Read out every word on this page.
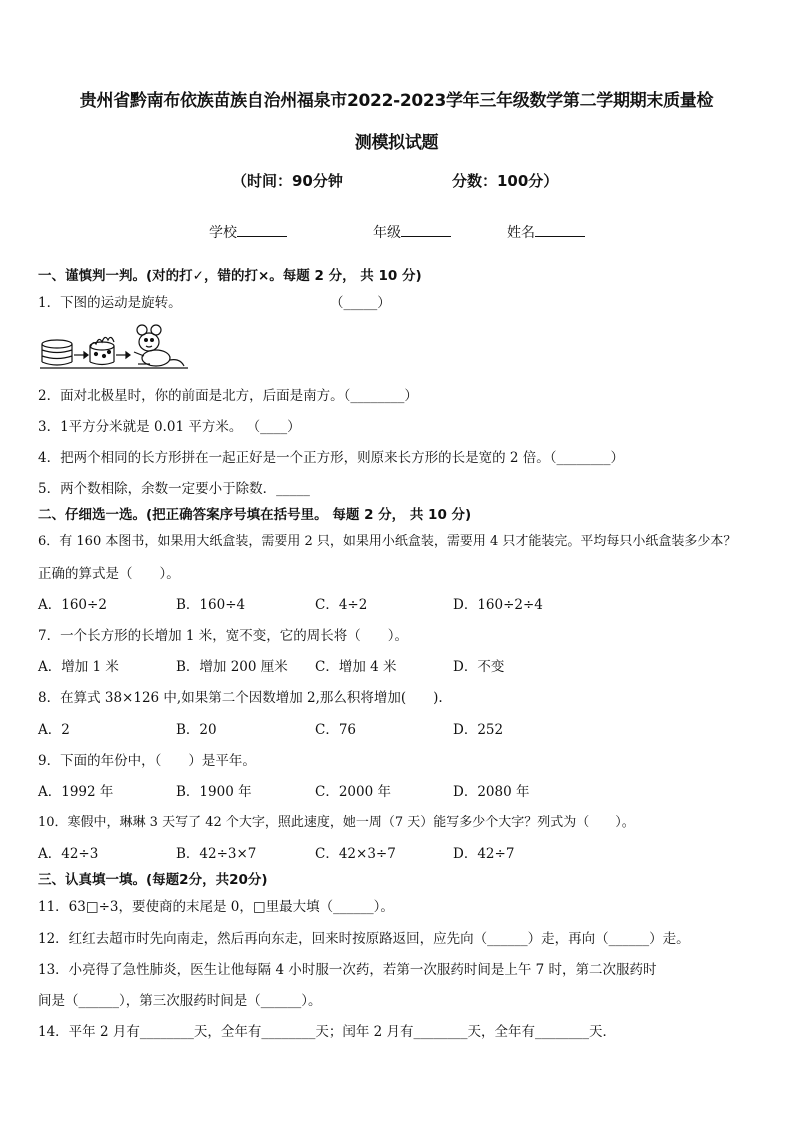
贵州省黔南布依族苗族自治州福泉市2022-2023学年三年级数学第二学期期末质量检
测模拟试题
（时间：90分钟	分数：100分）
学校	年级	姓名
一、谨慎判一判。(对的打✓，错的打×。每题 2 分， 共 10 分)
1．下图的运动是旋转。	（_____）
2．面对北极星时，你的前面是北方，后面是南方。（________）
3．1平方分米就是 0.01 平方米。 （____）
4．把两个相同的长方形拼在一起正好是一个正方形，则原来长方形的长是宽的 2 倍。（________）
5．两个数相除，余数一定要小于除数．_____
二、仔细选一选。(把正确答案序号填在括号里。 每题 2 分， 共 10 分)
6．有 160 本图书，如果用大纸盒装，需要用 2 只，如果用小纸盒装，需要用 4 只才能装完。平均每只小纸盒装多少本？
正确的算式是（　　）。
A．160÷2	B．160÷4	C．4÷2	D．160÷2÷4
7．一个长方形的长增加 1 米，宽不变，它的周长将（　　）。
A．增加 1 米	B．增加 200 厘米 C．增加 4 米	D．不变
8．在算式 38×126 中,如果第二个因数增加 2,那么积将增加(　　).
A．2	B．20	C．76	D．252
9．下面的年份中，（　　）是平年。
A．1992 年	B．1900 年	C．2000 年	D．2080 年
10．寒假中，琳琳 3 天写了 42 个大字，照此速度，她一周（7 天）能写多少个大字？列式为（　　）。
A．42÷3	B．42÷3×7	C．42×3÷7	D．42÷7
三、认真填一填。(每题2分，共20分)
11．63□÷3，要使商的末尾是 0，□里最大填（______）。
12．红红去超市时先向南走，然后再向东走，回来时按原路返回，应先向（______）走，再向（______）走。
13．小亮得了急性肺炎，医生让他每隔 4 小时服一次药，若第一次服药时间是上午 7 时，第二次服药时
间是（______），第三次服药时间是（______）。
14．平年 2 月有________天，全年有________天；闰年 2 月有________天，全年有________天．
